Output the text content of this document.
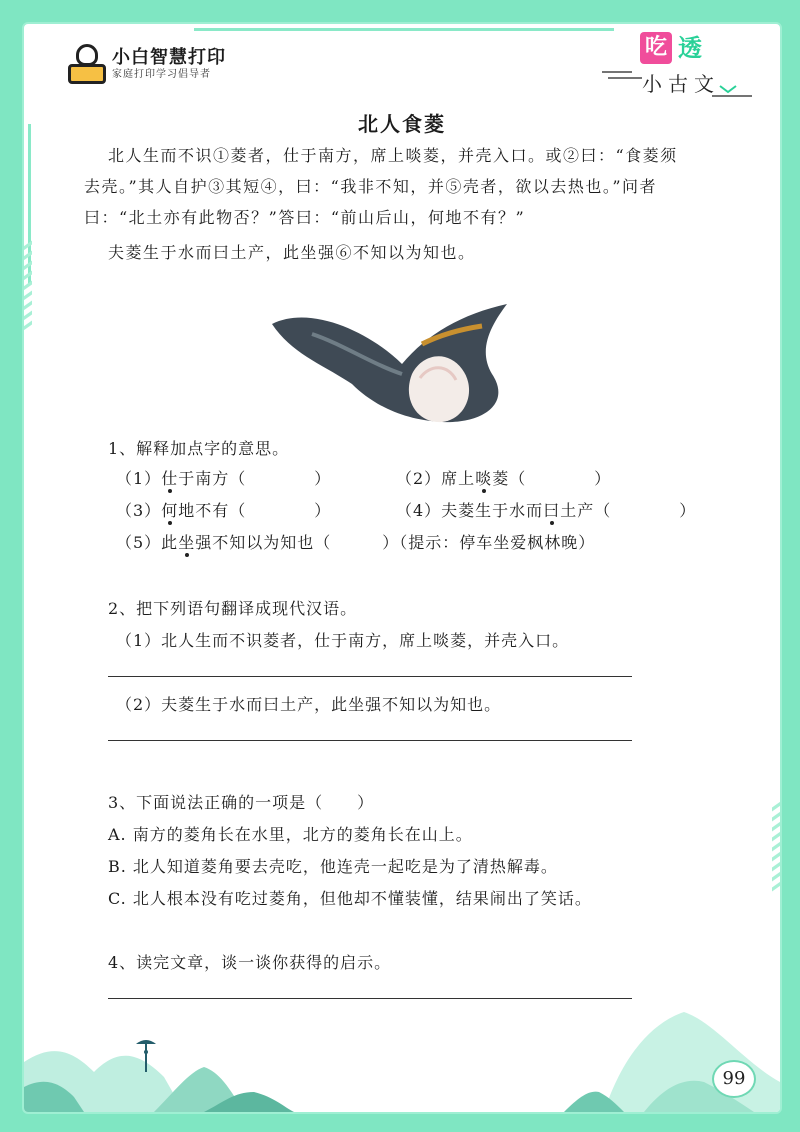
小白智慧打印
家庭打印学习倡导者
吃 透
小古文
北人食菱
北人生而不识①菱者，仕于南方，席上啖菱，并壳入口。或②曰：“食菱须
去壳。”其人自护③其短④，曰：“我非不知，并⑤壳者，欲以去热也。”问者
曰：“北土亦有此物否？”答曰：“前山后山，何地不有？”
夫菱生于水而曰土产，此坐强⑥不知以为知也。
1、解释加点字的意思。
（1）仕于南方（　　　　）	（2）席上啖菱（　　　　）
（3）何地不有（　　　　）	（4）夫菱生于水而曰土产（　　　　）
（5）此坐强不知以为知也（　　　）（提示：停车坐爱枫林晚）
2、把下列语句翻译成现代汉语。
（1）北人生而不识菱者，仕于南方，席上啖菱，并壳入口。
（2）夫菱生于水而曰土产，此坐强不知以为知也。
3、下面说法正确的一项是（　　）
A. 南方的菱角长在水里，北方的菱角长在山上。
B. 北人知道菱角要去壳吃，他连壳一起吃是为了清热解毒。
C. 北人根本没有吃过菱角，但他却不懂装懂，结果闹出了笑话。
4、读完文章，谈一谈你获得的启示。
99
